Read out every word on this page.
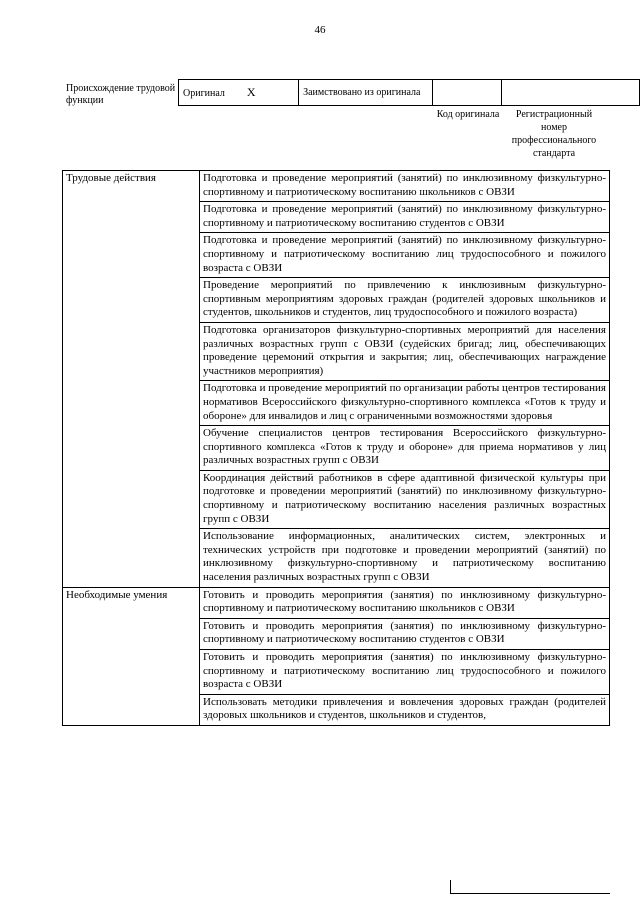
46
Происхождение трудовой функции
Оригинал X	Заимствовано из оригинала		
Код оригинала	Регистрационный номер профессионального стандарта
Трудовые действия	Подготовка и проведение мероприятий (занятий) по инклюзивному физкультурно-спортивному и патриотическому воспитанию школьников с ОВЗИ
	Подготовка и проведение мероприятий (занятий) по инклюзивному физкультурно-спортивному и патриотическому воспитанию студентов с ОВЗИ
	Подготовка и проведение мероприятий (занятий) по инклюзивному физкультурно-спортивному и патриотическому воспитанию лиц трудоспособного и пожилого возраста с ОВЗИ
	Проведение мероприятий по привлечению к инклюзивным физкультурно-спортивным мероприятиям здоровых граждан (родителей здоровых школьников и студентов, школьников и студентов, лиц трудоспособного и пожилого возраста)
	Подготовка организаторов физкультурно-спортивных мероприятий для населения различных возрастных групп с ОВЗИ (судейских бригад; лиц, обеспечивающих проведение церемоний открытия и закрытия; лиц, обеспечивающих награждение участников мероприятия)
	Подготовка и проведение мероприятий по организации работы центров тестирования нормативов Всероссийского физкультурно-спортивного комплекса «Готов к труду и обороне» для инвалидов и лиц с ограниченными возможностями здоровья
	Обучение специалистов центров тестирования Всероссийского физкультурно-спортивного комплекса «Готов к труду и обороне» для приема нормативов у лиц различных возрастных групп с ОВЗИ
	Координация действий работников в сфере адаптивной физической культуры при подготовке и проведении мероприятий (занятий) по инклюзивному физкультурно-спортивному и патриотическому воспитанию населения различных возрастных групп с ОВЗИ
	Использование информационных, аналитических систем, электронных и технических устройств при подготовке и проведении мероприятий (занятий) по инклюзивному физкультурно-спортивному и патриотическому воспитанию населения различных возрастных групп с ОВЗИ
Необходимые умения	Готовить и проводить мероприятия (занятия) по инклюзивному физкультурно-спортивному и патриотическому воспитанию школьников с ОВЗИ
	Готовить и проводить мероприятия (занятия) по инклюзивному физкультурно-спортивному и патриотическому воспитанию студентов с ОВЗИ
	Готовить и проводить мероприятия (занятия) по инклюзивному физкультурно-спортивному и патриотическому воспитанию лиц трудоспособного и пожилого возраста с ОВЗИ
	Использовать методики привлечения и вовлечения здоровых граждан (родителей здоровых школьников и студентов, школьников и студентов,
